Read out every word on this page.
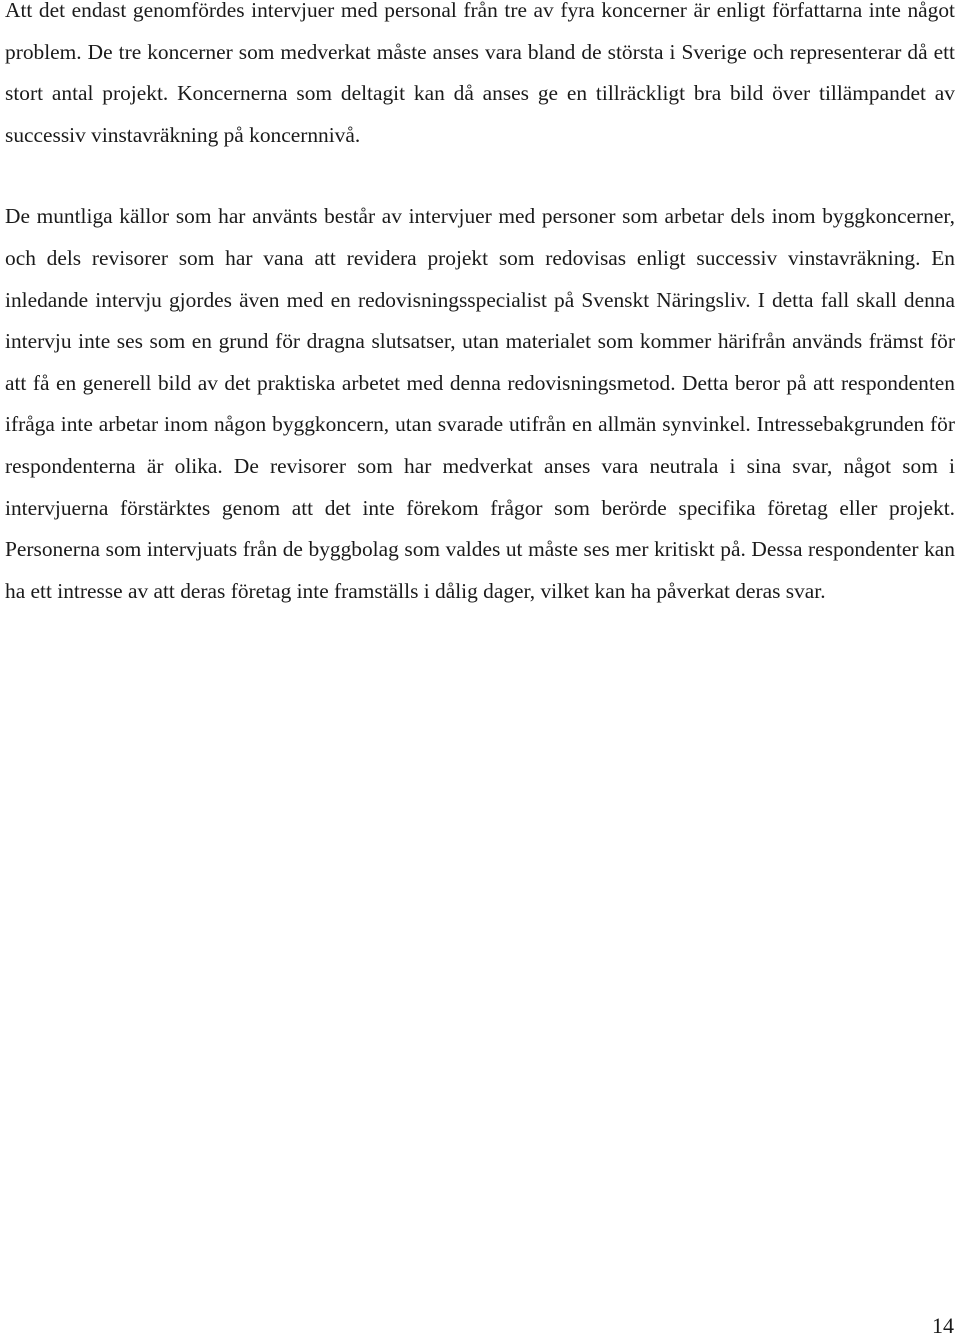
Att det endast genomfördes intervjuer med personal från tre av fyra koncerner är enligt författarna inte något problem. De tre koncerner som medverkat måste anses vara bland de största i Sverige och representerar då ett stort antal projekt. Koncernerna som deltagit kan då anses ge en tillräckligt bra bild över tillämpandet av successiv vinstavräkning på koncernnivå.

De muntliga källor som har använts består av intervjuer med personer som arbetar dels inom byggkoncerner, och dels revisorer som har vana att revidera projekt som redovisas enligt successiv vinstavräkning. En inledande intervju gjordes även med en redovisningsspecialist på Svenskt Näringsliv. I detta fall skall denna intervju inte ses som en grund för dragna slutsatser, utan materialet som kommer härifrån används främst för att få en generell bild av det praktiska arbetet med denna redovisningsmetod. Detta beror på att respondenten ifråga inte arbetar inom någon byggkoncern, utan svarade utifrån en allmän synvinkel. Intressebakgrunden för respondenterna är olika. De revisorer som har medverkat anses vara neutrala i sina svar, något som i intervjuerna förstärktes genom att det inte förekom frågor som berörde specifika företag eller projekt. Personerna som intervjuats från de byggbolag som valdes ut måste ses mer kritiskt på. Dessa respondenter kan ha ett intresse av att deras företag inte framställs i dålig dager, vilket kan ha påverkat deras svar.

14
